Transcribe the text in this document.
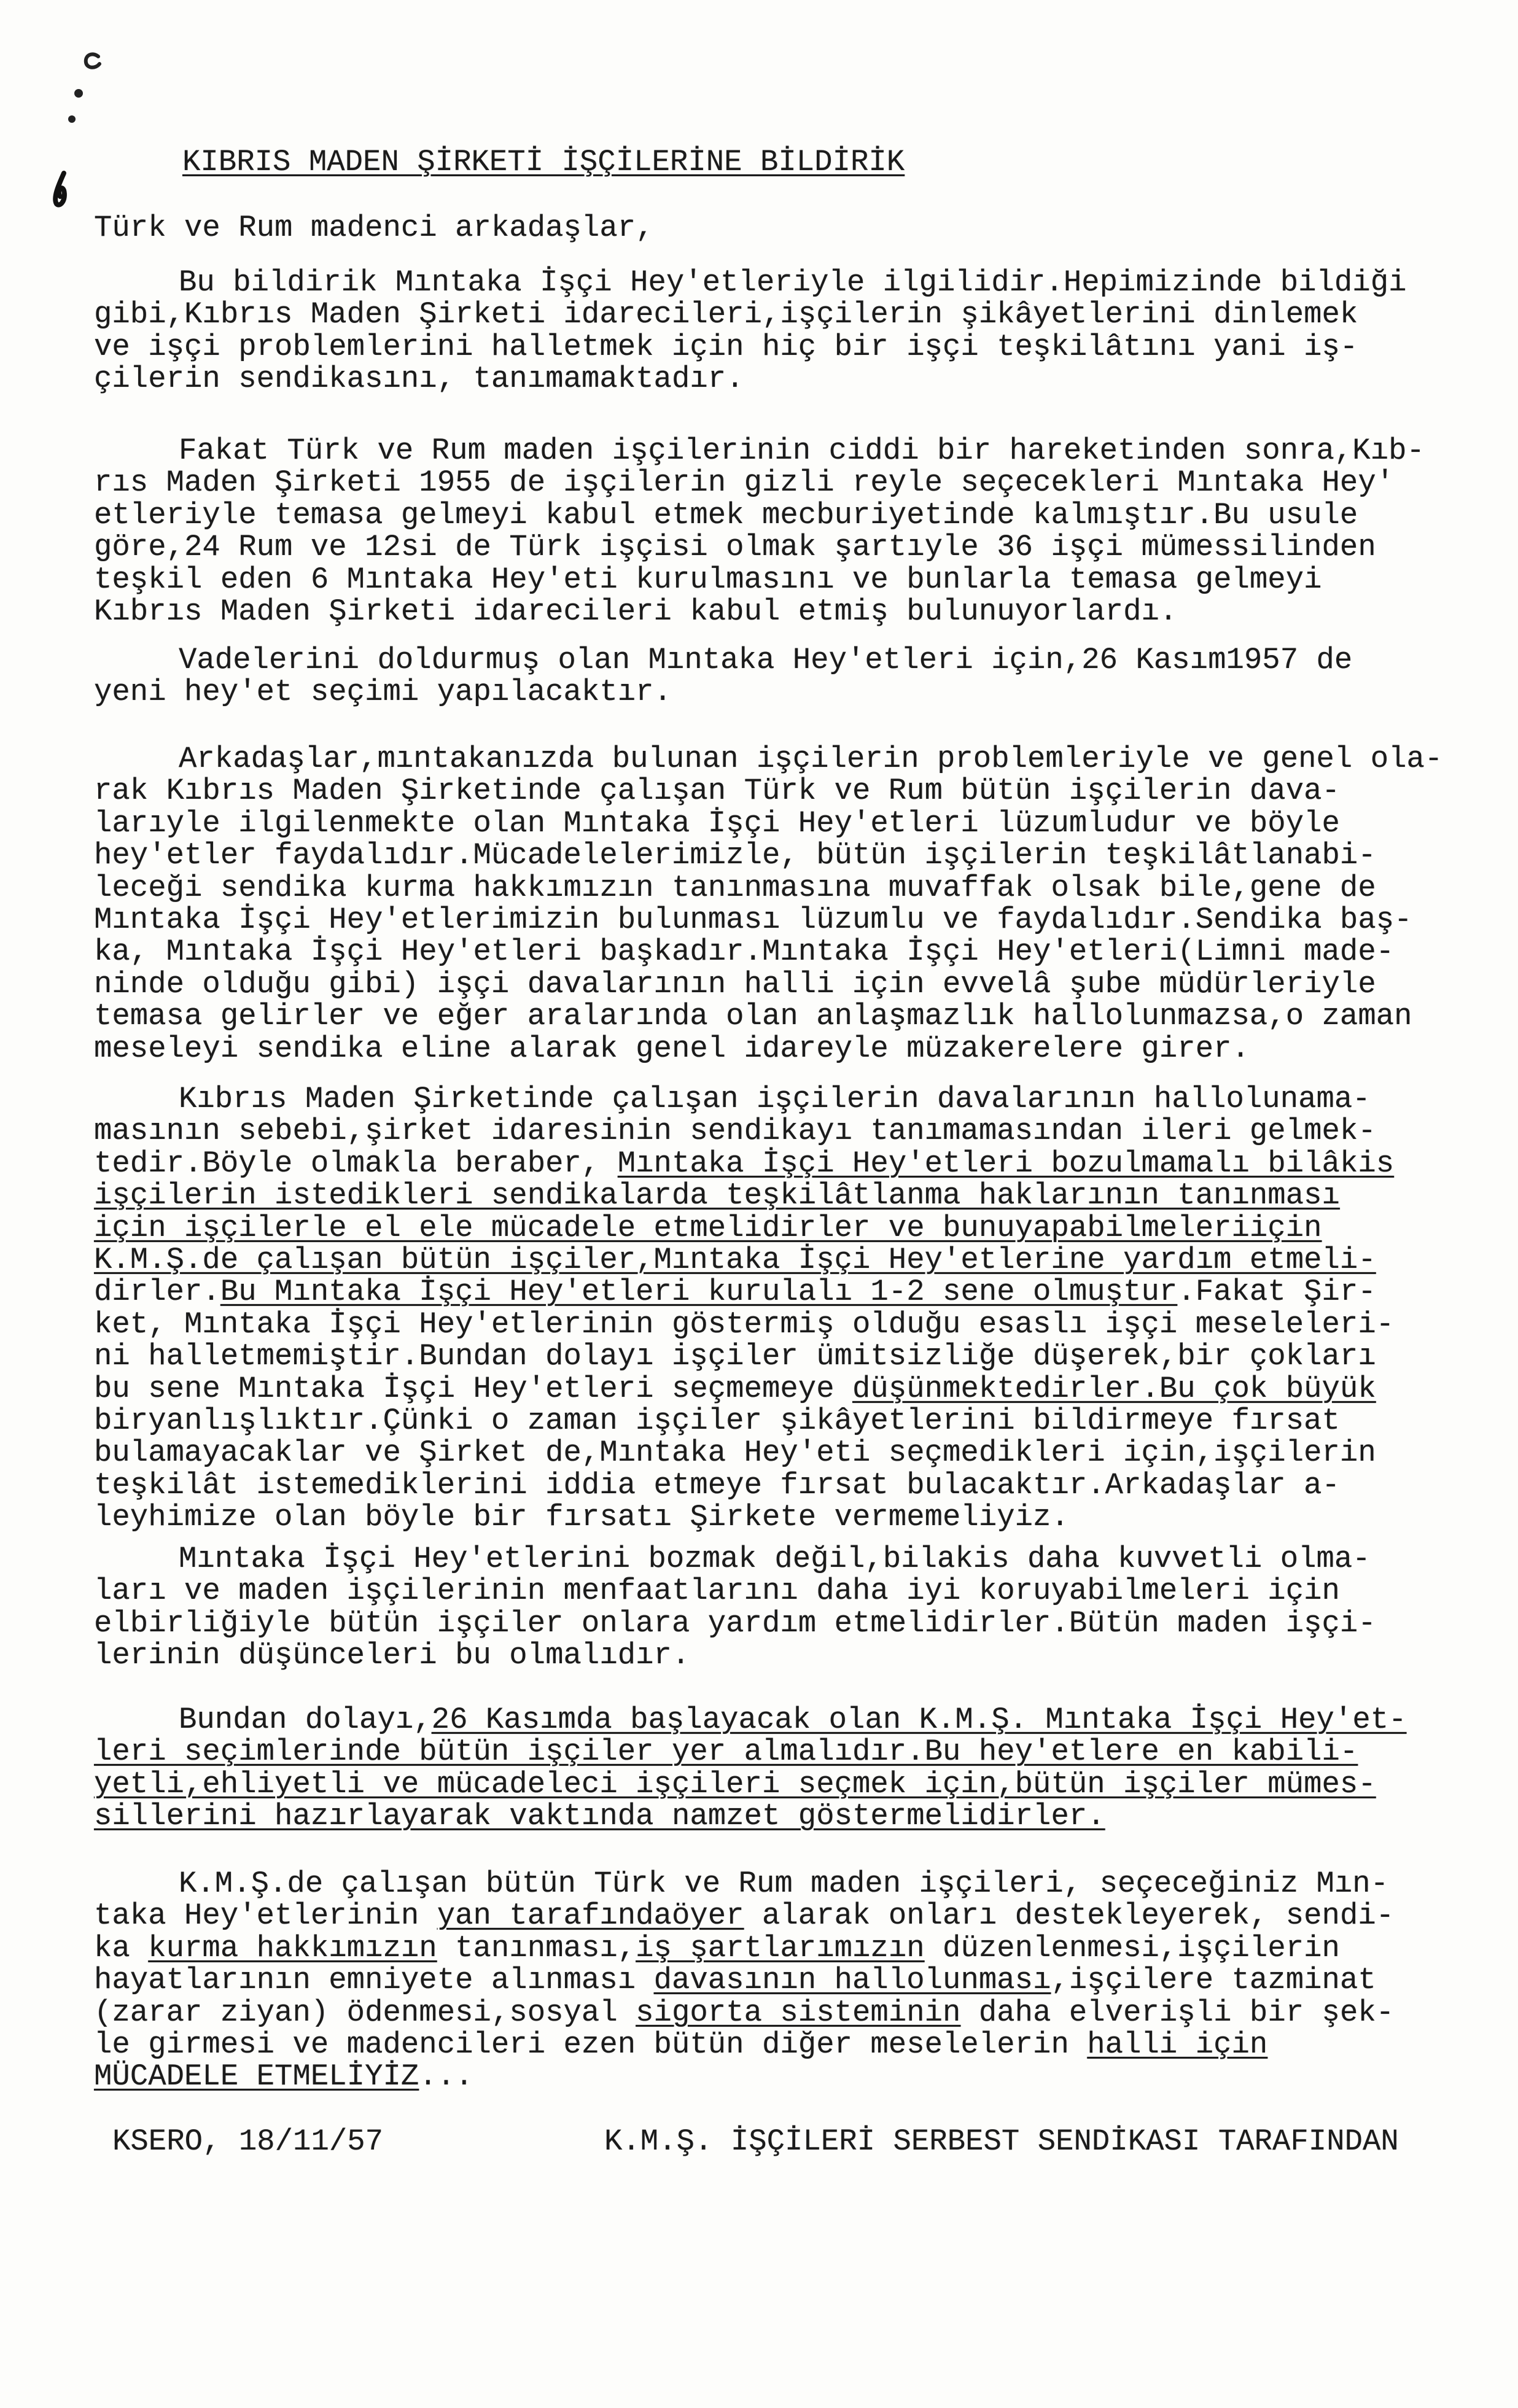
KIBRIS MADEN ŞİRKETİ İŞÇİLERİNE BİLDİRİK
Türk ve Rum madenci arkadaşlar,
Bu bildirik Mıntaka İşçi Hey'etleriyle ilgilidir.Hepimizinde bildiği
gibi,Kıbrıs Maden Şirketi idarecileri,işçilerin şikâyetlerini dinlemek
ve işçi problemlerini halletmek için hiç bir işçi teşkilâtını yani iş-
çilerin sendikasını, tanımamaktadır.
Fakat Türk ve Rum maden işçilerinin ciddi bir hareketinden sonra,Kıb-
rıs Maden Şirketi 1955 de işçilerin gizli reyle seçecekleri Mıntaka Hey'
etleriyle temasa gelmeyi kabul etmek mecburiyetinde kalmıştır.Bu usule
göre,24 Rum ve 12si de Türk işçisi olmak şartıyle 36 işçi mümessilinden
teşkil eden 6 Mıntaka Hey'eti kurulmasını ve bunlarla temasa gelmeyi
Kıbrıs Maden Şirketi idarecileri kabul etmiş bulunuyorlardı.
Vadelerini doldurmuş olan Mıntaka Hey'etleri için,26 Kasım1957 de
yeni hey'et seçimi yapılacaktır.
Arkadaşlar,mıntakanızda bulunan işçilerin problemleriyle ve genel ola-
rak Kıbrıs Maden Şirketinde çalışan Türk ve Rum bütün işçilerin dava-
larıyle ilgilenmekte olan Mıntaka İşçi Hey'etleri lüzumludur ve böyle
hey'etler faydalıdır.Mücadelelerimizle, bütün işçilerin teşkilâtlanabi-
leceği sendika kurma hakkımızın tanınmasına muvaffak olsak bile,gene de
Mıntaka İşçi Hey'etlerimizin bulunması lüzumlu ve faydalıdır.Sendika baş-
ka, Mıntaka İşçi Hey'etleri başkadır.Mıntaka İşçi Hey'etleri(Limni made-
ninde olduğu gibi) işçi davalarının halli için evvelâ şube müdürleriyle
temasa gelirler ve eğer aralarında olan anlaşmazlık hallolunmazsa,o zaman
meseleyi sendika eline alarak genel idareyle müzakerelere girer.
Kıbrıs Maden Şirketinde çalışan işçilerin davalarının hallolunama-
masının sebebi,şirket idaresinin sendikayı tanımamasından ileri gelmek-
tedir.Böyle olmakla beraber, Mıntaka İşçi Hey'etleri bozulmamalı bilâkis
işçilerin istedikleri sendikalarda teşkilâtlanma haklarının tanınması
için işçilerle el ele mücadele etmelidirler ve bunuyapabilmeleriiçin
K.M.Ş.de çalışan bütün işçiler,Mıntaka İşçi Hey'etlerine yardım etmeli-
dirler.Bu Mıntaka İşçi Hey'etleri kurulalı 1-2 sene olmuştur.Fakat Şir-
ket, Mıntaka İşçi Hey'etlerinin göstermiş olduğu esaslı işçi meseleleri-
ni halletmemiştir.Bundan dolayı işçiler ümitsizliğe düşerek,bir çokları
bu sene Mıntaka İşçi Hey'etleri seçmemeye düşünmektedirler.Bu çok büyük
biryanlışlıktır.Çünki o zaman işçiler şikâyetlerini bildirmeye fırsat
bulamayacaklar ve Şirket de,Mıntaka Hey'eti seçmedikleri için,işçilerin
teşkilât istemediklerini iddia etmeye fırsat bulacaktır.Arkadaşlar a-
leyhimize olan böyle bir fırsatı Şirkete vermemeliyiz.
Mıntaka İşçi Hey'etlerini bozmak değil,bilakis daha kuvvetli olma-
ları ve maden işçilerinin menfaatlarını daha iyi koruyabilmeleri için
elbirliğiyle bütün işçiler onlara yardım etmelidirler.Bütün maden işçi-
lerinin düşünceleri bu olmalıdır.
Bundan dolayı,26 Kasımda başlayacak olan K.M.Ş. Mıntaka İşçi Hey'et-
leri seçimlerinde bütün işçiler yer almalıdır.Bu hey'etlere en kabili-
yetli,ehliyetli ve mücadeleci işçileri seçmek için,bütün işçiler mümes-
sillerini hazırlayarak vaktında namzet göstermelidirler.
K.M.Ş.de çalışan bütün Türk ve Rum maden işçileri, seçeceğiniz Mın-
taka Hey'etlerinin yan tarafındaöyer alarak onları destekleyerek, sendi-
ka kurma hakkımızın tanınması,iş şartlarımızın düzenlenmesi,işçilerin
hayatlarının emniyete alınması davasının hallolunması,işçilere tazminat
(zarar ziyan) ödenmesi,sosyal sigorta sisteminin daha elverişli bir şek-
le girmesi ve madencileri ezen bütün diğer meselelerin halli için
MÜCADELE ETMELİYİZ...
KSERO, 18/11/57	K.M.Ş. İŞÇİLERİ SERBEST SENDİKASI TARAFINDAN
